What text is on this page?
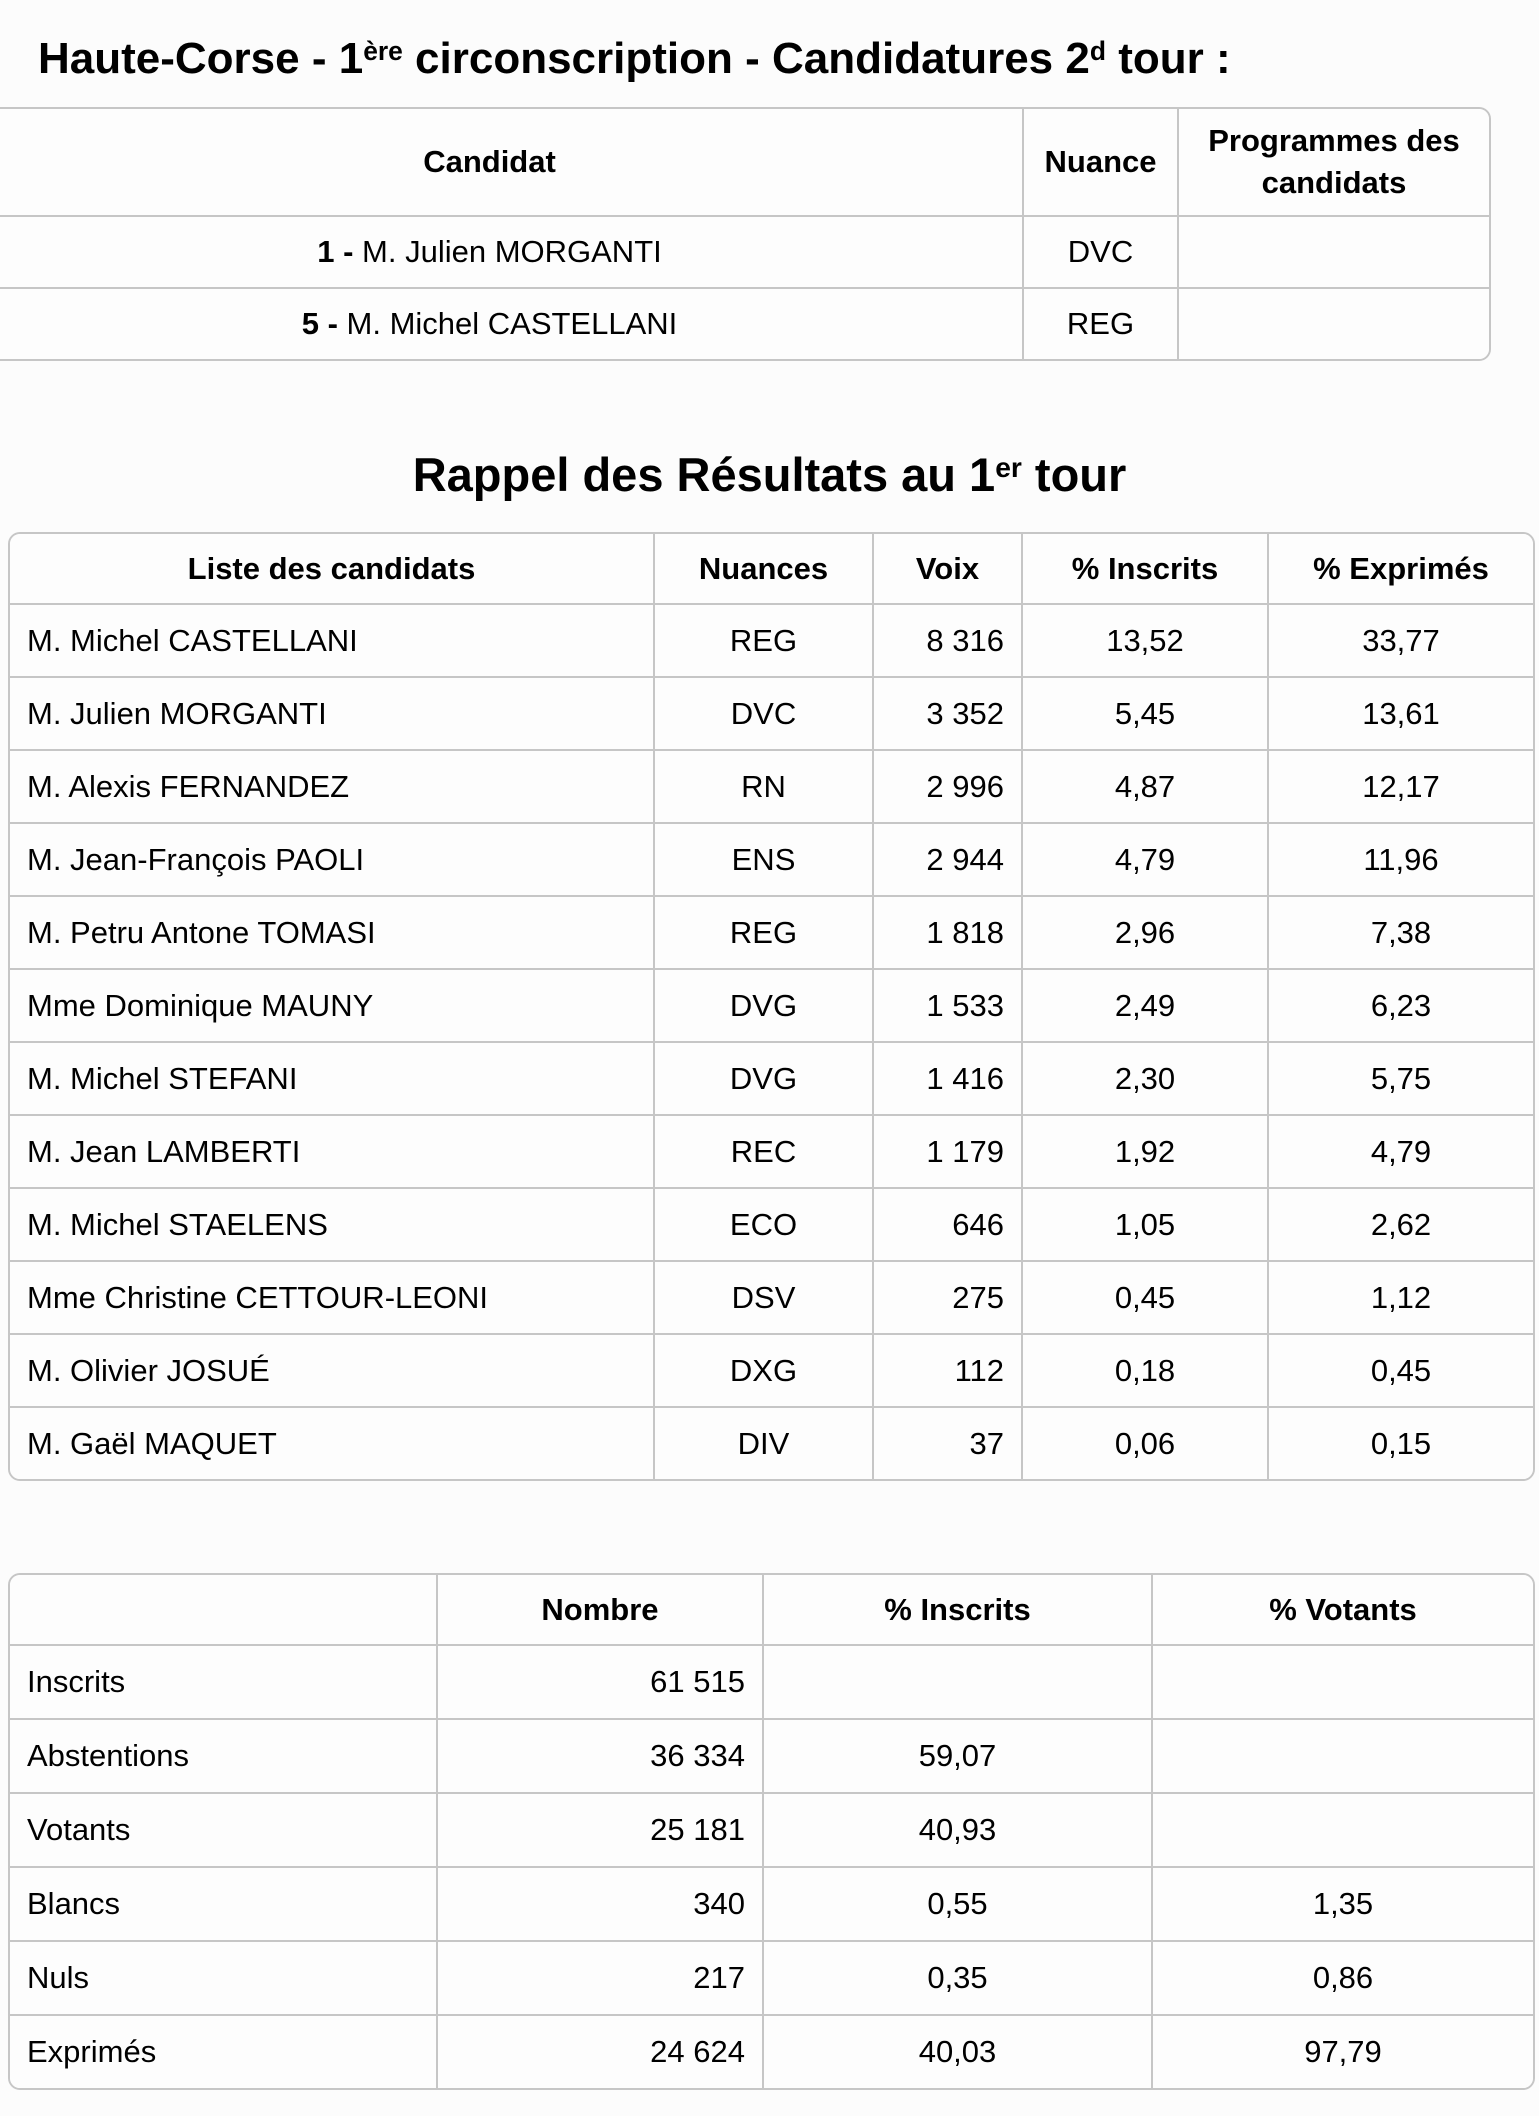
Haute-Corse - 1ère circonscription - Candidatures 2$^d$ tour :
Candidat	Nuance	Programmes des candidats
1 - M. Julien MORGANTI	DVC	
5 - M. Michel CASTELLANI	REG	
Rappel des Résultats au 1er tour
Liste des candidats	Nuances	Voix	% Inscrits	% Exprimés
M. Michel CASTELLANI	REG	8 316	13,52	33,77
M. Julien MORGANTI	DVC	3 352	5,45	13,61
M. Alexis FERNANDEZ	RN	2 996	4,87	12,17
M. Jean-François PAOLI	ENS	2 944	4,79	11,96
M. Petru Antone TOMASI	REG	1 818	2,96	7,38
Mme Dominique MAUNY	DVG	1 533	2,49	6,23
M. Michel STEFANI	DVG	1 416	2,30	5,75
M. Jean LAMBERTI	REC	1 179	1,92	4,79
M. Michel STAELENS	ECO	646	1,05	2,62
Mme Christine CETTOUR-LEONI	DSV	275	0,45	1,12
M. Olivier JOSUÉ	DXG	112	0,18	0,45
M. Gaël MAQUET	DIV	37	0,06	0,15
	Nombre	% Inscrits	% Votants
Inscrits	61 515		
Abstentions	36 334	59,07	
Votants	25 181	40,93	
Blancs	340	0,55	1,35
Nuls	217	0,35	0,86
Exprimés	24 624	40,03	97,79
